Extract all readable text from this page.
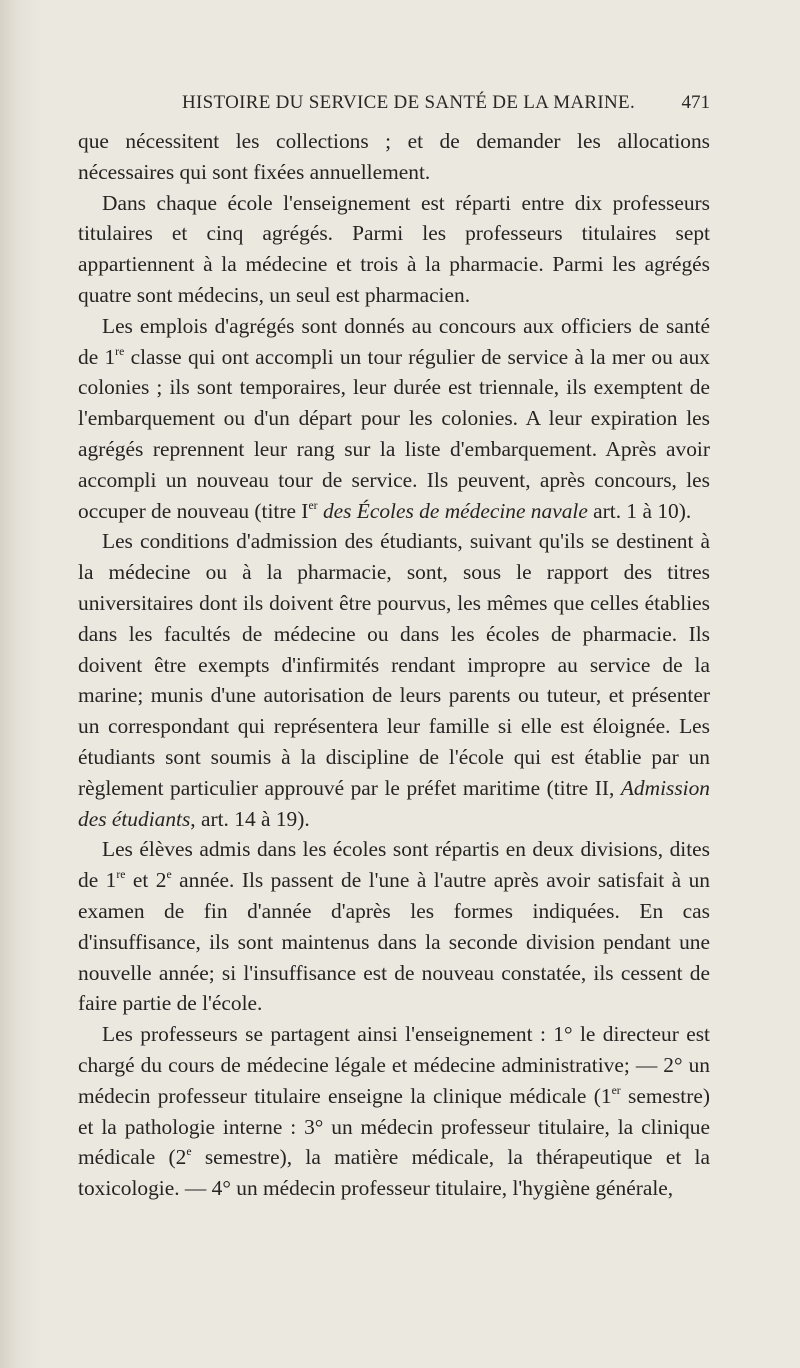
HISTOIRE DU SERVICE DE SANTÉ DE LA MARINE. 471

que nécessitent les collections ; et de demander les allocations nécessaires qui sont fixées annuellement.

Dans chaque école l'enseignement est réparti entre dix professeurs titulaires et cinq agrégés. Parmi les professeurs titulaires sept appartiennent à la médecine et trois à la pharmacie. Parmi les agrégés quatre sont médecins, un seul est pharmacien.

Les emplois d'agrégés sont donnés au concours aux officiers de santé de 1re classe qui ont accompli un tour régulier de service à la mer ou aux colonies ; ils sont temporaires, leur durée est triennale, ils exemptent de l'embarquement ou d'un départ pour les colonies. A leur expiration les agrégés reprennent leur rang sur la liste d'embarquement. Après avoir accompli un nouveau tour de service. Ils peuvent, après concours, les occuper de nouveau (titre Ier des Écoles de médecine navale art. 1 à 10).

Les conditions d'admission des étudiants, suivant qu'ils se destinent à la médecine ou à la pharmacie, sont, sous le rapport des titres universitaires dont ils doivent être pourvus, les mêmes que celles établies dans les facultés de médecine ou dans les écoles de pharmacie. Ils doivent être exempts d'infirmités rendant impropre au service de la marine; munis d'une autorisation de leurs parents ou tuteur, et présenter un correspondant qui représentera leur famille si elle est éloignée. Les étudiants sont soumis à la discipline de l'école qui est établie par un règlement particulier approuvé par le préfet maritime (titre II, Admission des étudiants, art. 14 à 19).

Les élèves admis dans les écoles sont répartis en deux divisions, dites de 1re et 2e année. Ils passent de l'une à l'autre après avoir satisfait à un examen de fin d'année d'après les formes indiquées. En cas d'insuffisance, ils sont maintenus dans la seconde division pendant une nouvelle année; si l'insuffisance est de nouveau constatée, ils cessent de faire partie de l'école.

Les professeurs se partagent ainsi l'enseignement : 1° le directeur est chargé du cours de médecine légale et médecine administrative; — 2° un médecin professeur titulaire enseigne la clinique médicale (1er semestre) et la pathologie interne : 3° un médecin professeur titulaire, la clinique médicale (2e semestre), la matière médicale, la thérapeutique et la toxicologie. — 4° un médecin professeur titulaire, l'hygiène générale,
